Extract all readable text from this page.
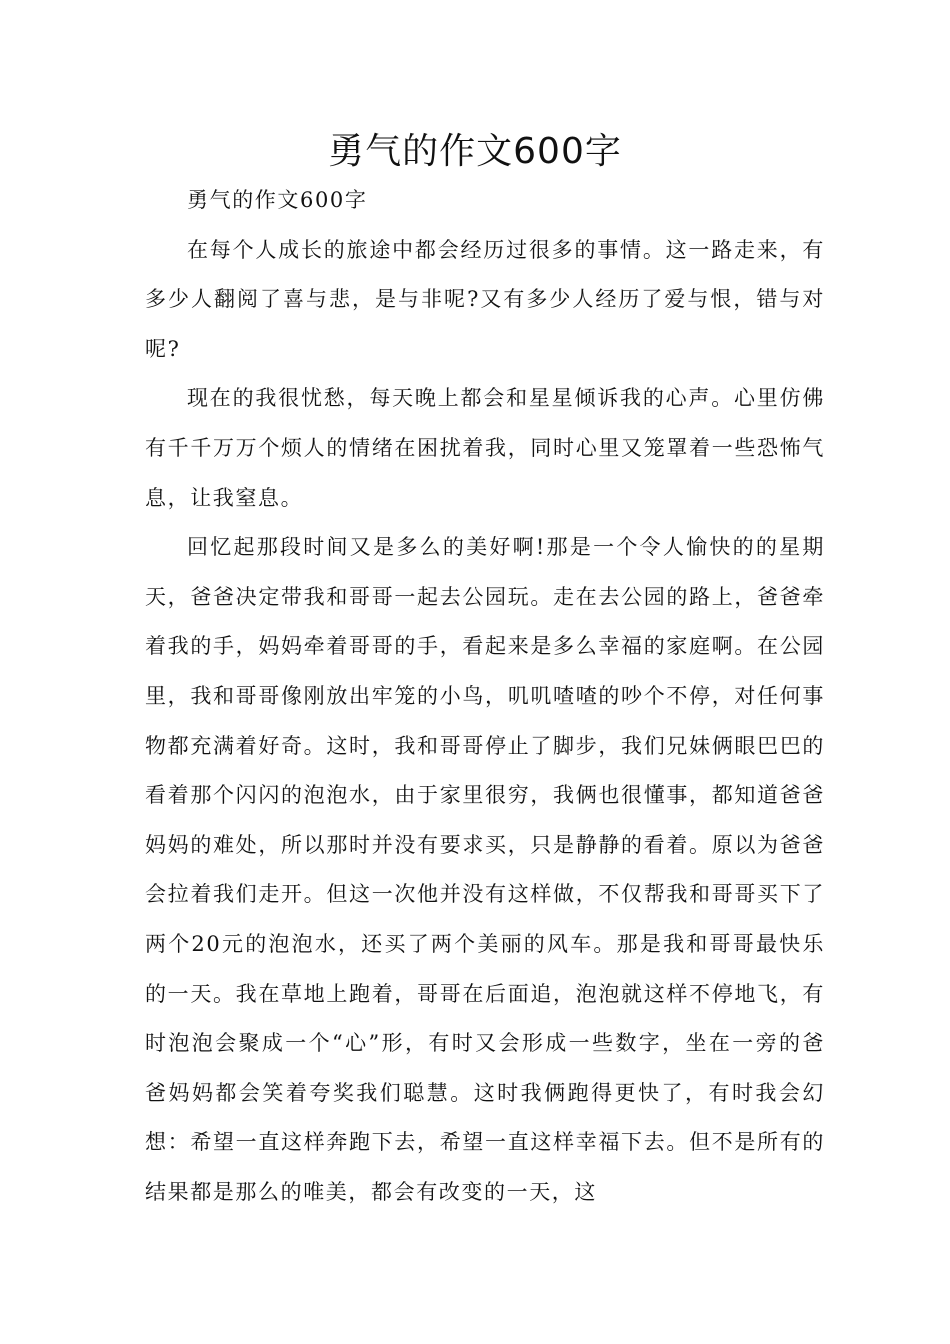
勇气的作文600字

勇气的作文600字

在每个人成长的旅途中都会经历过很多的事情。这一路走来，有多少人翻阅了喜与悲，是与非呢?又有多少人经历了爱与恨，错与对呢?

现在的我很忧愁，每天晚上都会和星星倾诉我的心声。心里仿佛有千千万万个烦人的情绪在困扰着我，同时心里又笼罩着一些恐怖气息，让我窒息。

回忆起那段时间又是多么的美好啊!那是一个令人愉快的的星期天，爸爸决定带我和哥哥一起去公园玩。走在去公园的路上，爸爸牵着我的手，妈妈牵着哥哥的手，看起来是多么幸福的家庭啊。在公园里，我和哥哥像刚放出牢笼的小鸟，叽叽喳喳的吵个不停，对任何事物都充满着好奇。这时，我和哥哥停止了脚步，我们兄妹俩眼巴巴的看着那个闪闪的泡泡水，由于家里很穷，我俩也很懂事，都知道爸爸妈妈的难处，所以那时并没有要求买，只是静静的看着。原以为爸爸会拉着我们走开。但这一次他并没有这样做，不仅帮我和哥哥买下了两个20元的泡泡水，还买了两个美丽的风车。那是我和哥哥最快乐的一天。我在草地上跑着，哥哥在后面追，泡泡就这样不停地飞，有时泡泡会聚成一个“心”形，有时又会形成一些数字，坐在一旁的爸爸妈妈都会笑着夸奖我们聪慧。这时我俩跑得更快了，有时我会幻想：希望一直这样奔跑下去，希望一直这样幸福下去。但不是所有的结果都是那么的唯美，都会有改变的一天，这
